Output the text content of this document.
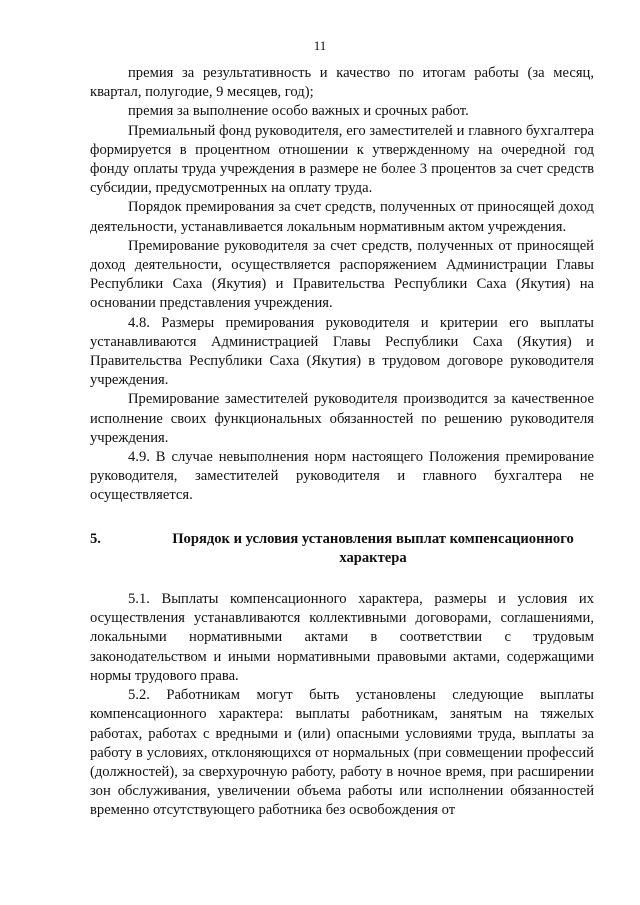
11

премия за результативность и качество по итогам работы (за месяц, квартал, полугодие, 9 месяцев, год);

премия за выполнение особо важных и срочных работ.

Премиальный фонд руководителя, его заместителей и главного бухгалтера формируется в процентном отношении к утвержденному на очередной год фонду оплаты труда учреждения в размере не более 3 процентов за счет средств субсидии, предусмотренных на оплату труда.

Порядок премирования за счет средств, полученных от приносящей доход деятельности, устанавливается локальным нормативным актом учреждения.

Премирование руководителя за счет средств, полученных от приносящей доход деятельности, осуществляется распоряжением Администрации Главы Республики Саха (Якутия) и Правительства Республики Саха (Якутия) на основании представления учреждения.

4.8. Размеры премирования руководителя и критерии его выплаты устанавливаются Администрацией Главы Республики Саха (Якутия) и Правительства Республики Саха (Якутия) в трудовом договоре руководителя учреждения.

Премирование заместителей руководителя производится за качественное исполнение своих функциональных обязанностей по решению руководителя учреждения.

4.9. В случае невыполнения норм настоящего Положения премирование руководителя, заместителей руководителя и главного бухгалтера не осуществляется.

5.	Порядок и условия установления выплат компенсационного характера

5.1. Выплаты компенсационного характера, размеры и условия их осуществления устанавливаются коллективными договорами, соглашениями, локальными нормативными актами в соответствии с трудовым законодательством и иными нормативными правовыми актами, содержащими нормы трудового права.

5.2. Работникам могут быть установлены следующие выплаты компенсационного характера: выплаты работникам, занятым на тяжелых работах, работах с вредными и (или) опасными условиями труда, выплаты за работу в условиях, отклоняющихся от нормальных (при совмещении профессий (должностей), за сверхурочную работу, работу в ночное время, при расширении зон обслуживания, увеличении объема работы или исполнении обязанностей временно отсутствующего работника без освобождения от
